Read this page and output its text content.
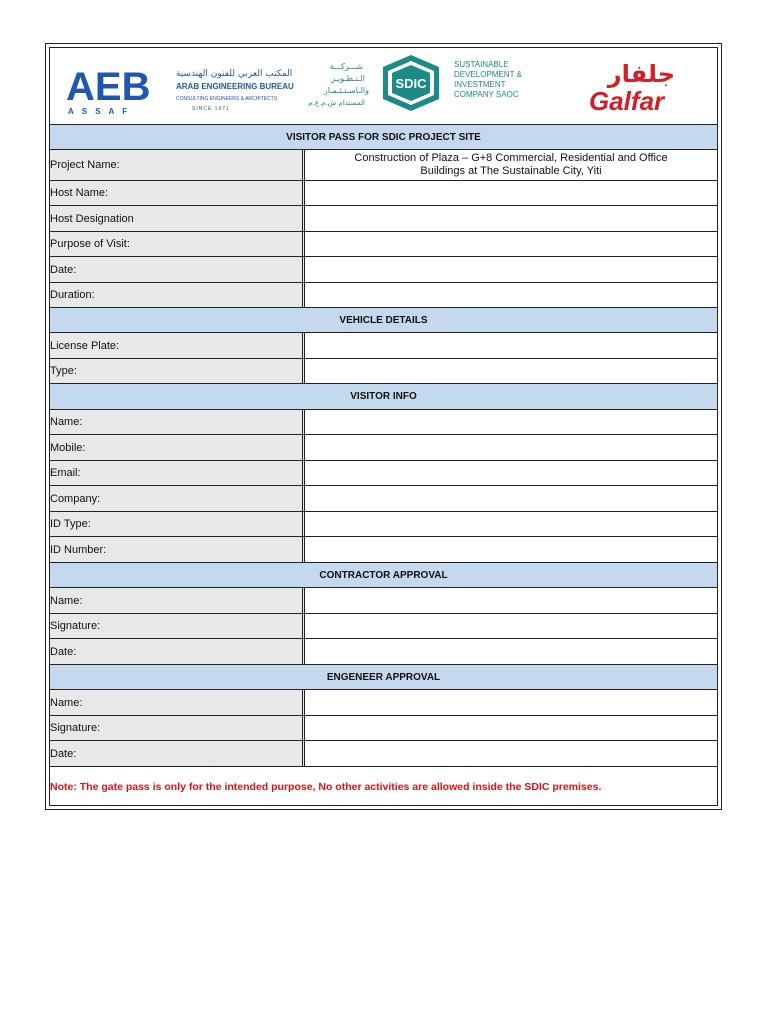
AEB
A S S A F
المكتب العربي للفنون الهندسية
ARAB ENGINEERING BUREAU
CONSULTING ENGINEERS & ARCHITECTS
SINCE 1971
شـــركـــة
الـتـطـويـر
والـاسـتـثـمـار
المستدام ش.م.ع.م
SDIC
SUSTAINABLE
DEVELOPMENT &
INVESTMENT
COMPANY SAOC
جلفار
Galfar
VISITOR PASS FOR SDIC PROJECT SITE
Project Name:
Construction of Plaza – G+8 Commercial, Residential and Office
Buildings at The Sustainable City, Yiti
Host Name:
Host Designation
Purpose of Visit:
Date:
Duration:
VEHICLE DETAILS
License Plate:
Type:
VISITOR INFO
Name:
Mobile:
Email:
Company:
ID Type:
ID Number:
CONTRACTOR APPROVAL
Name:
Signature:
Date:
ENGENEER APPROVAL
Name:
Signature:
Date:
Note: The gate pass is only for the intended purpose, No other activities are allowed inside the SDIC premises.
